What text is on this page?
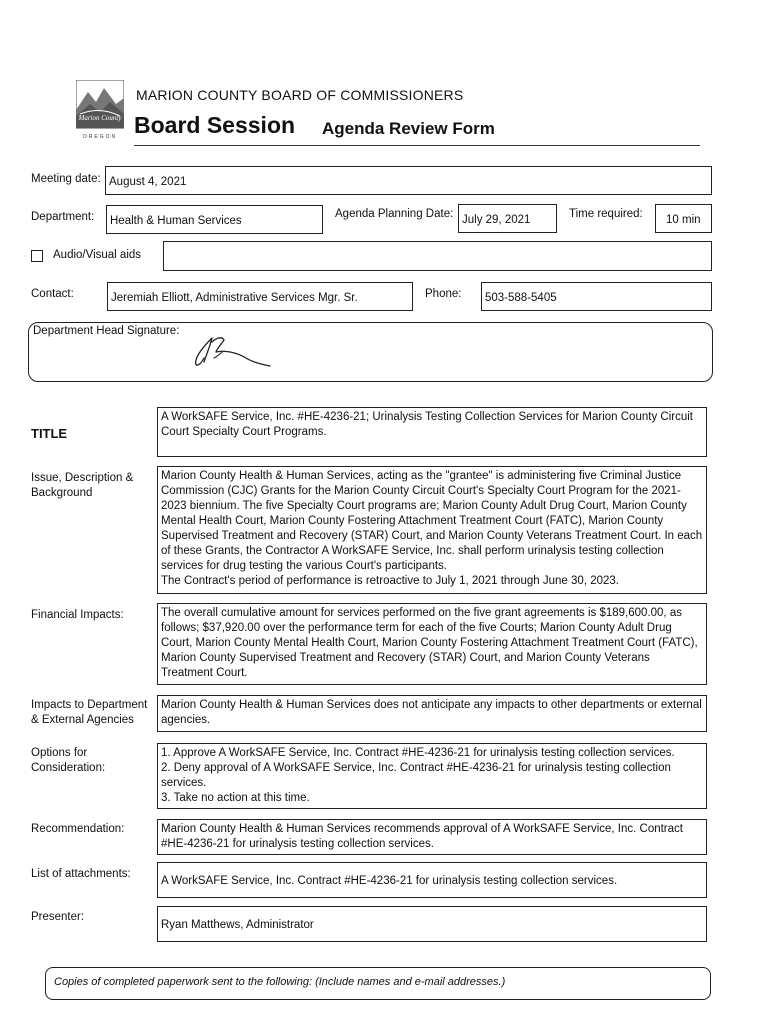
Marion County
OREGON
MARION COUNTY BOARD OF COMMISSIONERS
Board Session Agenda Review Form
Meeting date: August 4, 2021
Department:	Health & Human Services
Agenda Planning Date: July 29, 2021	Time required:	10 min
Audio/Visual aids
Contact:	Jeremiah Elliott, Administrative Services Mgr. Sr.	Phone:	503-588-5405
Department Head Signature:
TITLE
A WorkSAFE Service, Inc. #HE-4236-21; Urinalysis Testing Collection Services for Marion County Circuit Court Specialty Court Programs.
Issue, Description & Background
Marion County Health & Human Services, acting as the "grantee" is administering five Criminal Justice Commission (CJC) Grants for the Marion County Circuit Court's Specialty Court Program for the 2021-2023 biennium. The five Specialty Court programs are; Marion County Adult Drug Court, Marion County Mental Health Court, Marion County Fostering Attachment Treatment Court (FATC), Marion County Supervised Treatment and Recovery (STAR) Court, and Marion County Veterans Treatment Court. In each of these Grants, the Contractor A WorkSAFE Service, Inc. shall perform urinalysis testing collection services for drug testing the various Court's participants.
The Contract's period of performance is retroactive to July 1, 2021 through June 30, 2023.
Financial Impacts:	The overall cumulative amount for services performed on the five grant agreements is $189,600.00, as follows; $37,920.00 over the performance term for each of the five Courts; Marion County Adult Drug Court, Marion County Mental Health Court, Marion County Fostering Attachment Treatment Court (FATC), Marion County Supervised Treatment and Recovery (STAR) Court, and Marion County Veterans Treatment Court.
Impacts to Department & External Agencies
Marion County Health & Human Services does not anticipate any impacts to other departments or external agencies.
Options for Consideration:
1. Approve A WorkSAFE Service, Inc. Contract #HE-4236-21 for urinalysis testing collection services.
2. Deny approval of A WorkSAFE Service, Inc. Contract #HE-4236-21 for urinalysis testing collection services.
3. Take no action at this time.
Recommendation:	Marion County Health & Human Services recommends approval of A WorkSAFE Service, Inc. Contract #HE-4236-21 for urinalysis testing collection services.
List of attachments:
A WorkSAFE Service, Inc. Contract #HE-4236-21 for urinalysis testing collection services.
Presenter:
Ryan Matthews, Administrator
Copies of completed paperwork sent to the following: (Include names and e-mail addresses.)
